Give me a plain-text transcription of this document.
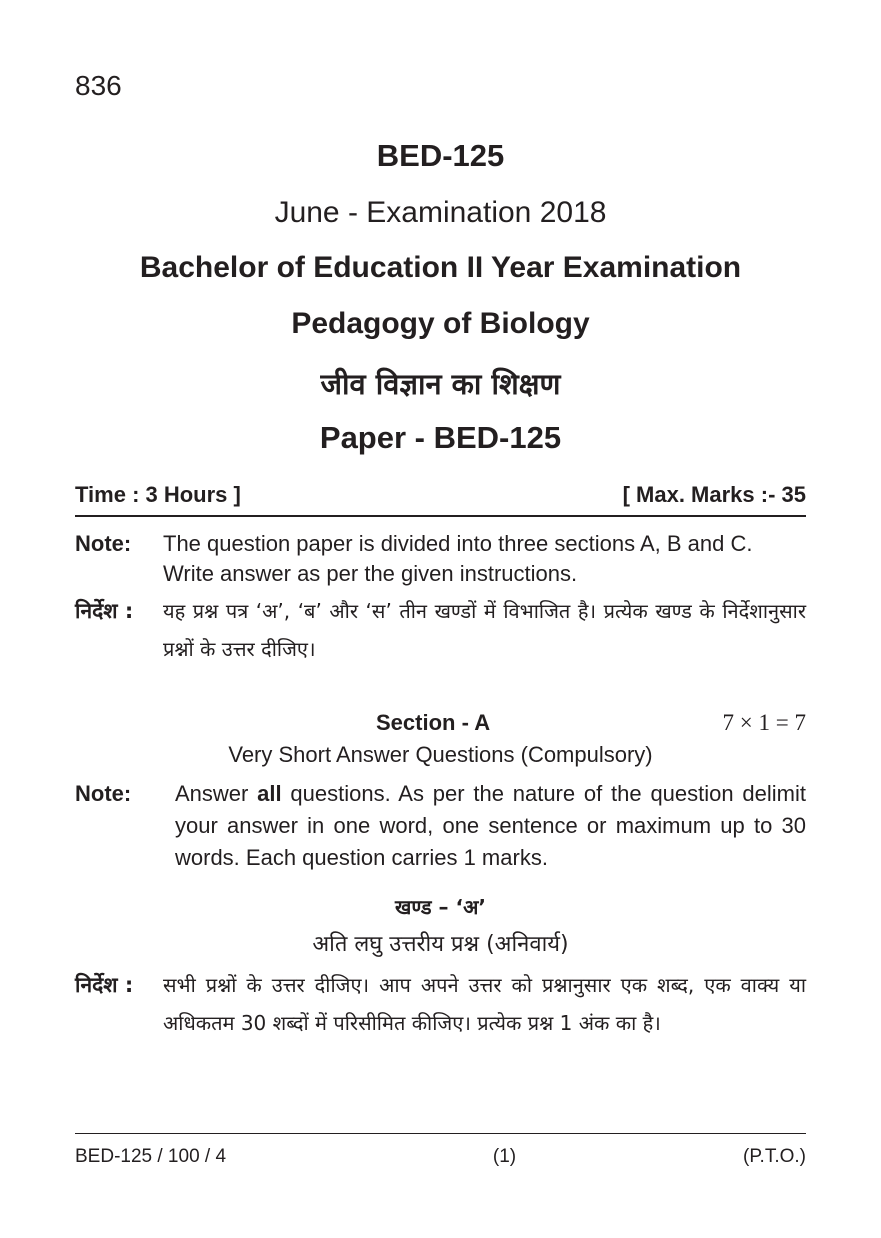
836
BED-125
June - Examination 2018
Bachelor of Education II Year Examination
Pedagogy of Biology
जीव विज्ञान का शिक्षण
Paper - BED-125
Time : 3 Hours ]	[ Max. Marks :- 35
Note:	The question paper is divided into three sections A, B and C. Write answer as per the given instructions.
निर्देश :	यह प्रश्न पत्र ‘अ’, ‘ब’ और ‘स’ तीन खण्डों में विभाजित है। प्रत्येक खण्ड के निर्देशानुसार प्रश्नों के उत्तर दीजिए।
Section - A	7 × 1 = 7
Very Short Answer Questions (Compulsory)
Note:	Answer all questions. As per the nature of the question delimit your answer in one word, one sentence or maximum up to 30 words. Each question carries 1 marks.
खण्ड – ‘अ’
अति लघु उत्तरीय प्रश्न (अनिवार्य)
निर्देश :	सभी प्रश्नों के उत्तर दीजिए। आप अपने उत्तर को प्रश्नानुसार एक शब्द, एक वाक्य या अधिकतम 30 शब्दों में परिसीमित कीजिए। प्रत्येक प्रश्न 1 अंक का है।
BED-125 / 100 / 4	(1)	(P.T.O.)
